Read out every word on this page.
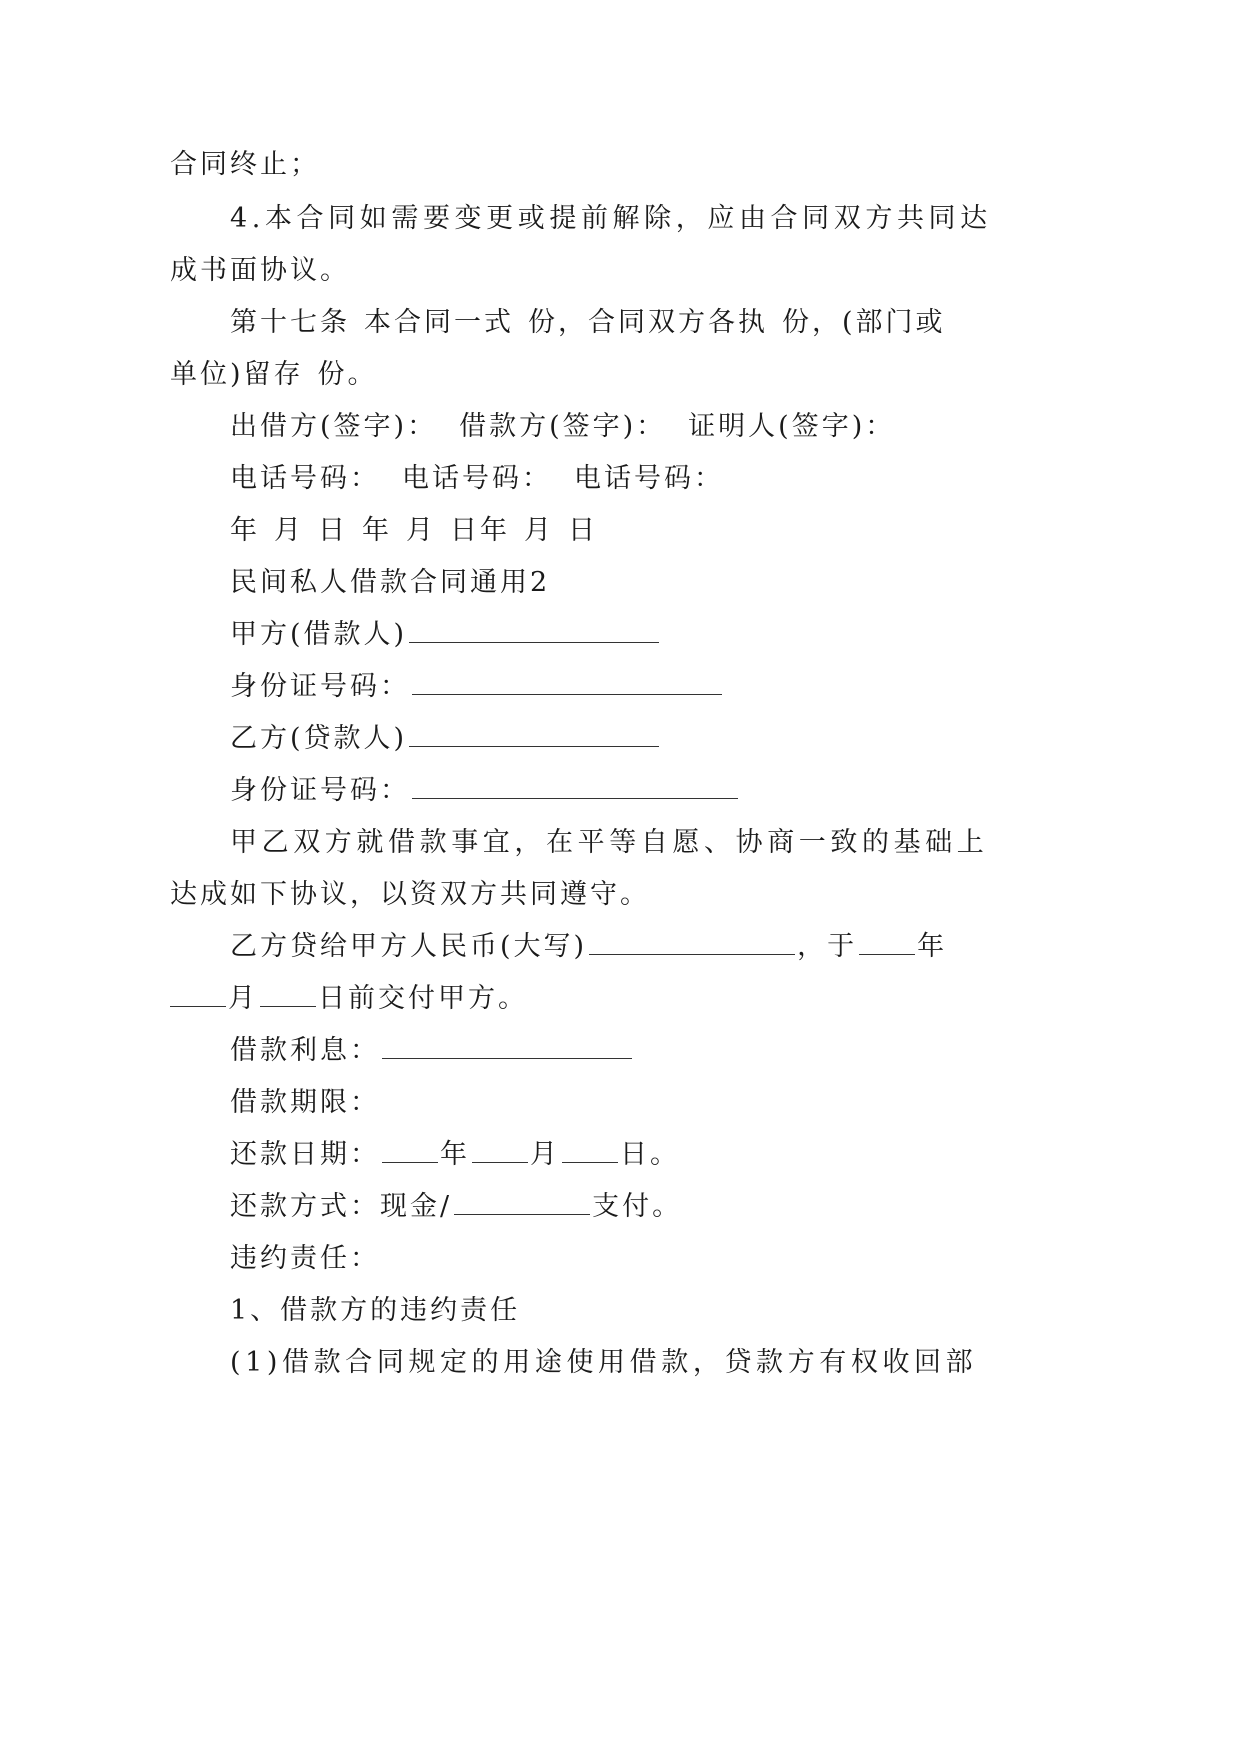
合同终止；
4.本合同如需要变更或提前解除，应由合同双方共同达
成书面协议。
第十七条 本合同一式 份，合同双方各执 份，(部门或
单位)留存 份。
出借方(签字)： 借款方(签字)： 证明人(签字)：
电话号码： 电话号码： 电话号码：
年 月 日 年 月 日年 月 日
民间私人借款合同通用2
甲方(借款人)
身份证号码：
乙方(贷款人)
身份证号码：
甲乙双方就借款事宜，在平等自愿、协商一致的基础上
达成如下协议，以资双方共同遵守。
乙方贷给甲方人民币(大写)	，于 年
月 日前交付甲方。
借款利息：
借款期限：
还款日期： 年 月 日。
还款方式：现金/	支付。
违约责任：
1、借款方的违约责任
(1)借款合同规定的用途使用借款，贷款方有权收回部
